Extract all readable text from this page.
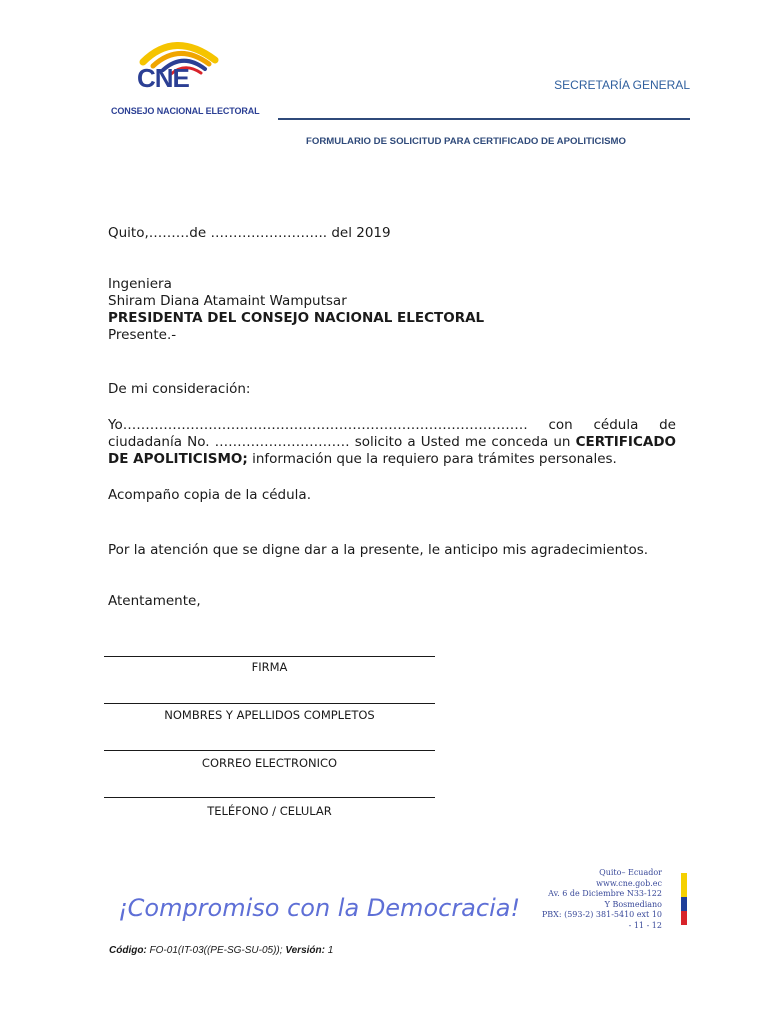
CNE
CONSEJO NACIONAL ELECTORAL
SECRETARÍA GENERAL
FORMULARIO DE SOLICITUD PARA CERTIFICADO DE APOLITICISMO
Quito,………de …………………….. del 2019
Ingeniera
Shiram Diana Atamaint Wamputsar
PRESIDENTA DEL CONSEJO NACIONAL ELECTORAL
Presente.-
De mi consideración:
Yo……………………………………………………………………………… con cédula de
ciudadanía No. ………………………… solicito a Usted me conceda un CERTIFICADO DE APOLITICISMO; información que la requiero para trámites personales.
Acompaño copia de la cédula.
Por la atención que se digne dar a la presente, le anticipo mis agradecimientos.
Atentamente,
FIRMA
NOMBRES Y APELLIDOS COMPLETOS
CORREO ELECTRONICO
TELÉFONO / CELULAR
¡Compromiso con la Democracia!
Quito– Ecuador
www.cne.gob.ec
Av. 6 de Diciembre N33-122
Y Bosmediano
PBX: (593-2) 381-5410 ext 10
- 11 - 12
Código: FO-01(IT-03((PE-SG-SU-05)); Versión: 1
